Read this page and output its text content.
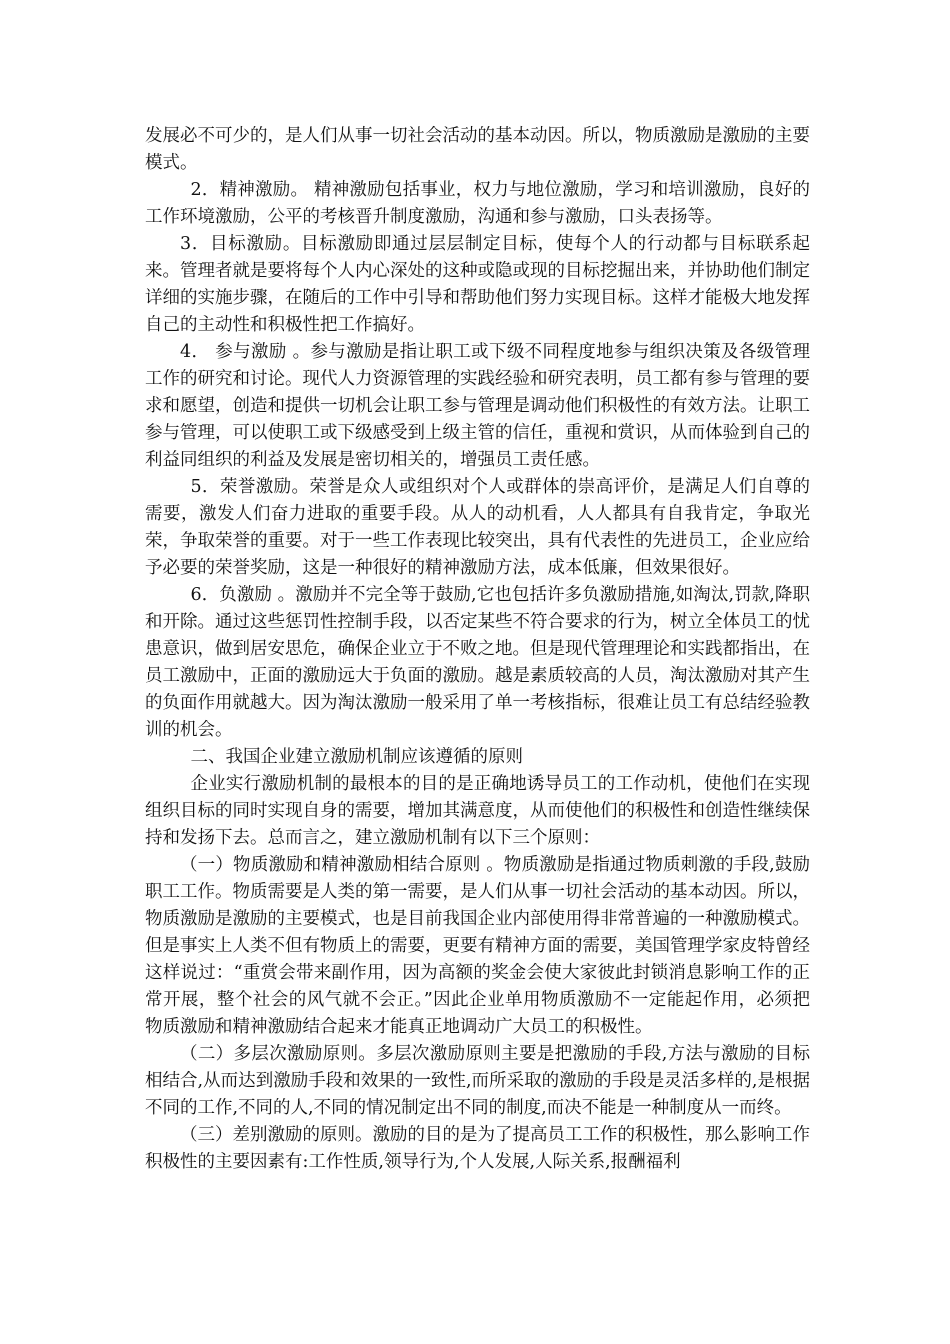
发展必不可少的，是人们从事一切社会活动的基本动因。所以，物质激励是激励的主要模式。

2．精神激励。 精神激励包括事业，权力与地位激励，学习和培训激励，良好的工作环境激励，公平的考核晋升制度激励，沟通和参与激励，口头表扬等。

3．目标激励。目标激励即通过层层制定目标，使每个人的行动都与目标联系起来。管理者就是要将每个人内心深处的这种或隐或现的目标挖掘出来，并协助他们制定详细的实施步骤，在随后的工作中引导和帮助他们努力实现目标。这样才能极大地发挥自己的主动性和积极性把工作搞好。

4． 参与激励 。参与激励是指让职工或下级不同程度地参与组织决策及各级管理工作的研究和讨论。现代人力资源管理的实践经验和研究表明，员工都有参与管理的要求和愿望，创造和提供一切机会让职工参与管理是调动他们积极性的有效方法。让职工参与管理，可以使职工或下级感受到上级主管的信任，重视和赏识，从而体验到自己的利益同组织的利益及发展是密切相关的，增强员工责任感。

5．荣誉激励。荣誉是众人或组织对个人或群体的崇高评价，是满足人们自尊的需要，激发人们奋力进取的重要手段。从人的动机看，人人都具有自我肯定，争取光荣，争取荣誉的重要。对于一些工作表现比较突出，具有代表性的先进员工，企业应给予必要的荣誉奖励，这是一种很好的精神激励方法，成本低廉，但效果很好。

6．负激励 。激励并不完全等于鼓励,它也包括许多负激励措施,如淘汰,罚款,降职和开除。通过这些惩罚性控制手段，以否定某些不符合要求的行为，树立全体员工的忧患意识，做到居安思危，确保企业立于不败之地。但是现代管理理论和实践都指出，在员工激励中，正面的激励远大于负面的激励。越是素质较高的人员，淘汰激励对其产生的负面作用就越大。因为淘汰激励一般采用了单一考核指标，很难让员工有总结经验教训的机会。

二、我国企业建立激励机制应该遵循的原则

企业实行激励机制的最根本的目的是正确地诱导员工的工作动机，使他们在实现组织目标的同时实现自身的需要，增加其满意度，从而使他们的积极性和创造性继续保持和发扬下去。总而言之，建立激励机制有以下三个原则：

（一）物质激励和精神激励相结合原则 。物质激励是指通过物质刺激的手段,鼓励职工工作。物质需要是人类的第一需要，是人们从事一切社会活动的基本动因。所以，物质激励是激励的主要模式，也是目前我国企业内部使用得非常普遍的一种激励模式。但是事实上人类不但有物质上的需要，更要有精神方面的需要，美国管理学家皮特曾经这样说过：“重赏会带来副作用，因为高额的奖金会使大家彼此封锁消息影响工作的正常开展，整个社会的风气就不会正。”因此企业单用物质激励不一定能起作用，必须把物质激励和精神激励结合起来才能真正地调动广大员工的积极性。

（二）多层次激励原则。多层次激励原则主要是把激励的手段,方法与激励的目标相结合,从而达到激励手段和效果的一致性,而所采取的激励的手段是灵活多样的,是根据不同的工作,不同的人,不同的情况制定出不同的制度,而决不能是一种制度从一而终。

（三）差别激励的原则。激励的目的是为了提高员工工作的积极性，那么影响工作积极性的主要因素有:工作性质,领导行为,个人发展,人际关系,报酬福利
